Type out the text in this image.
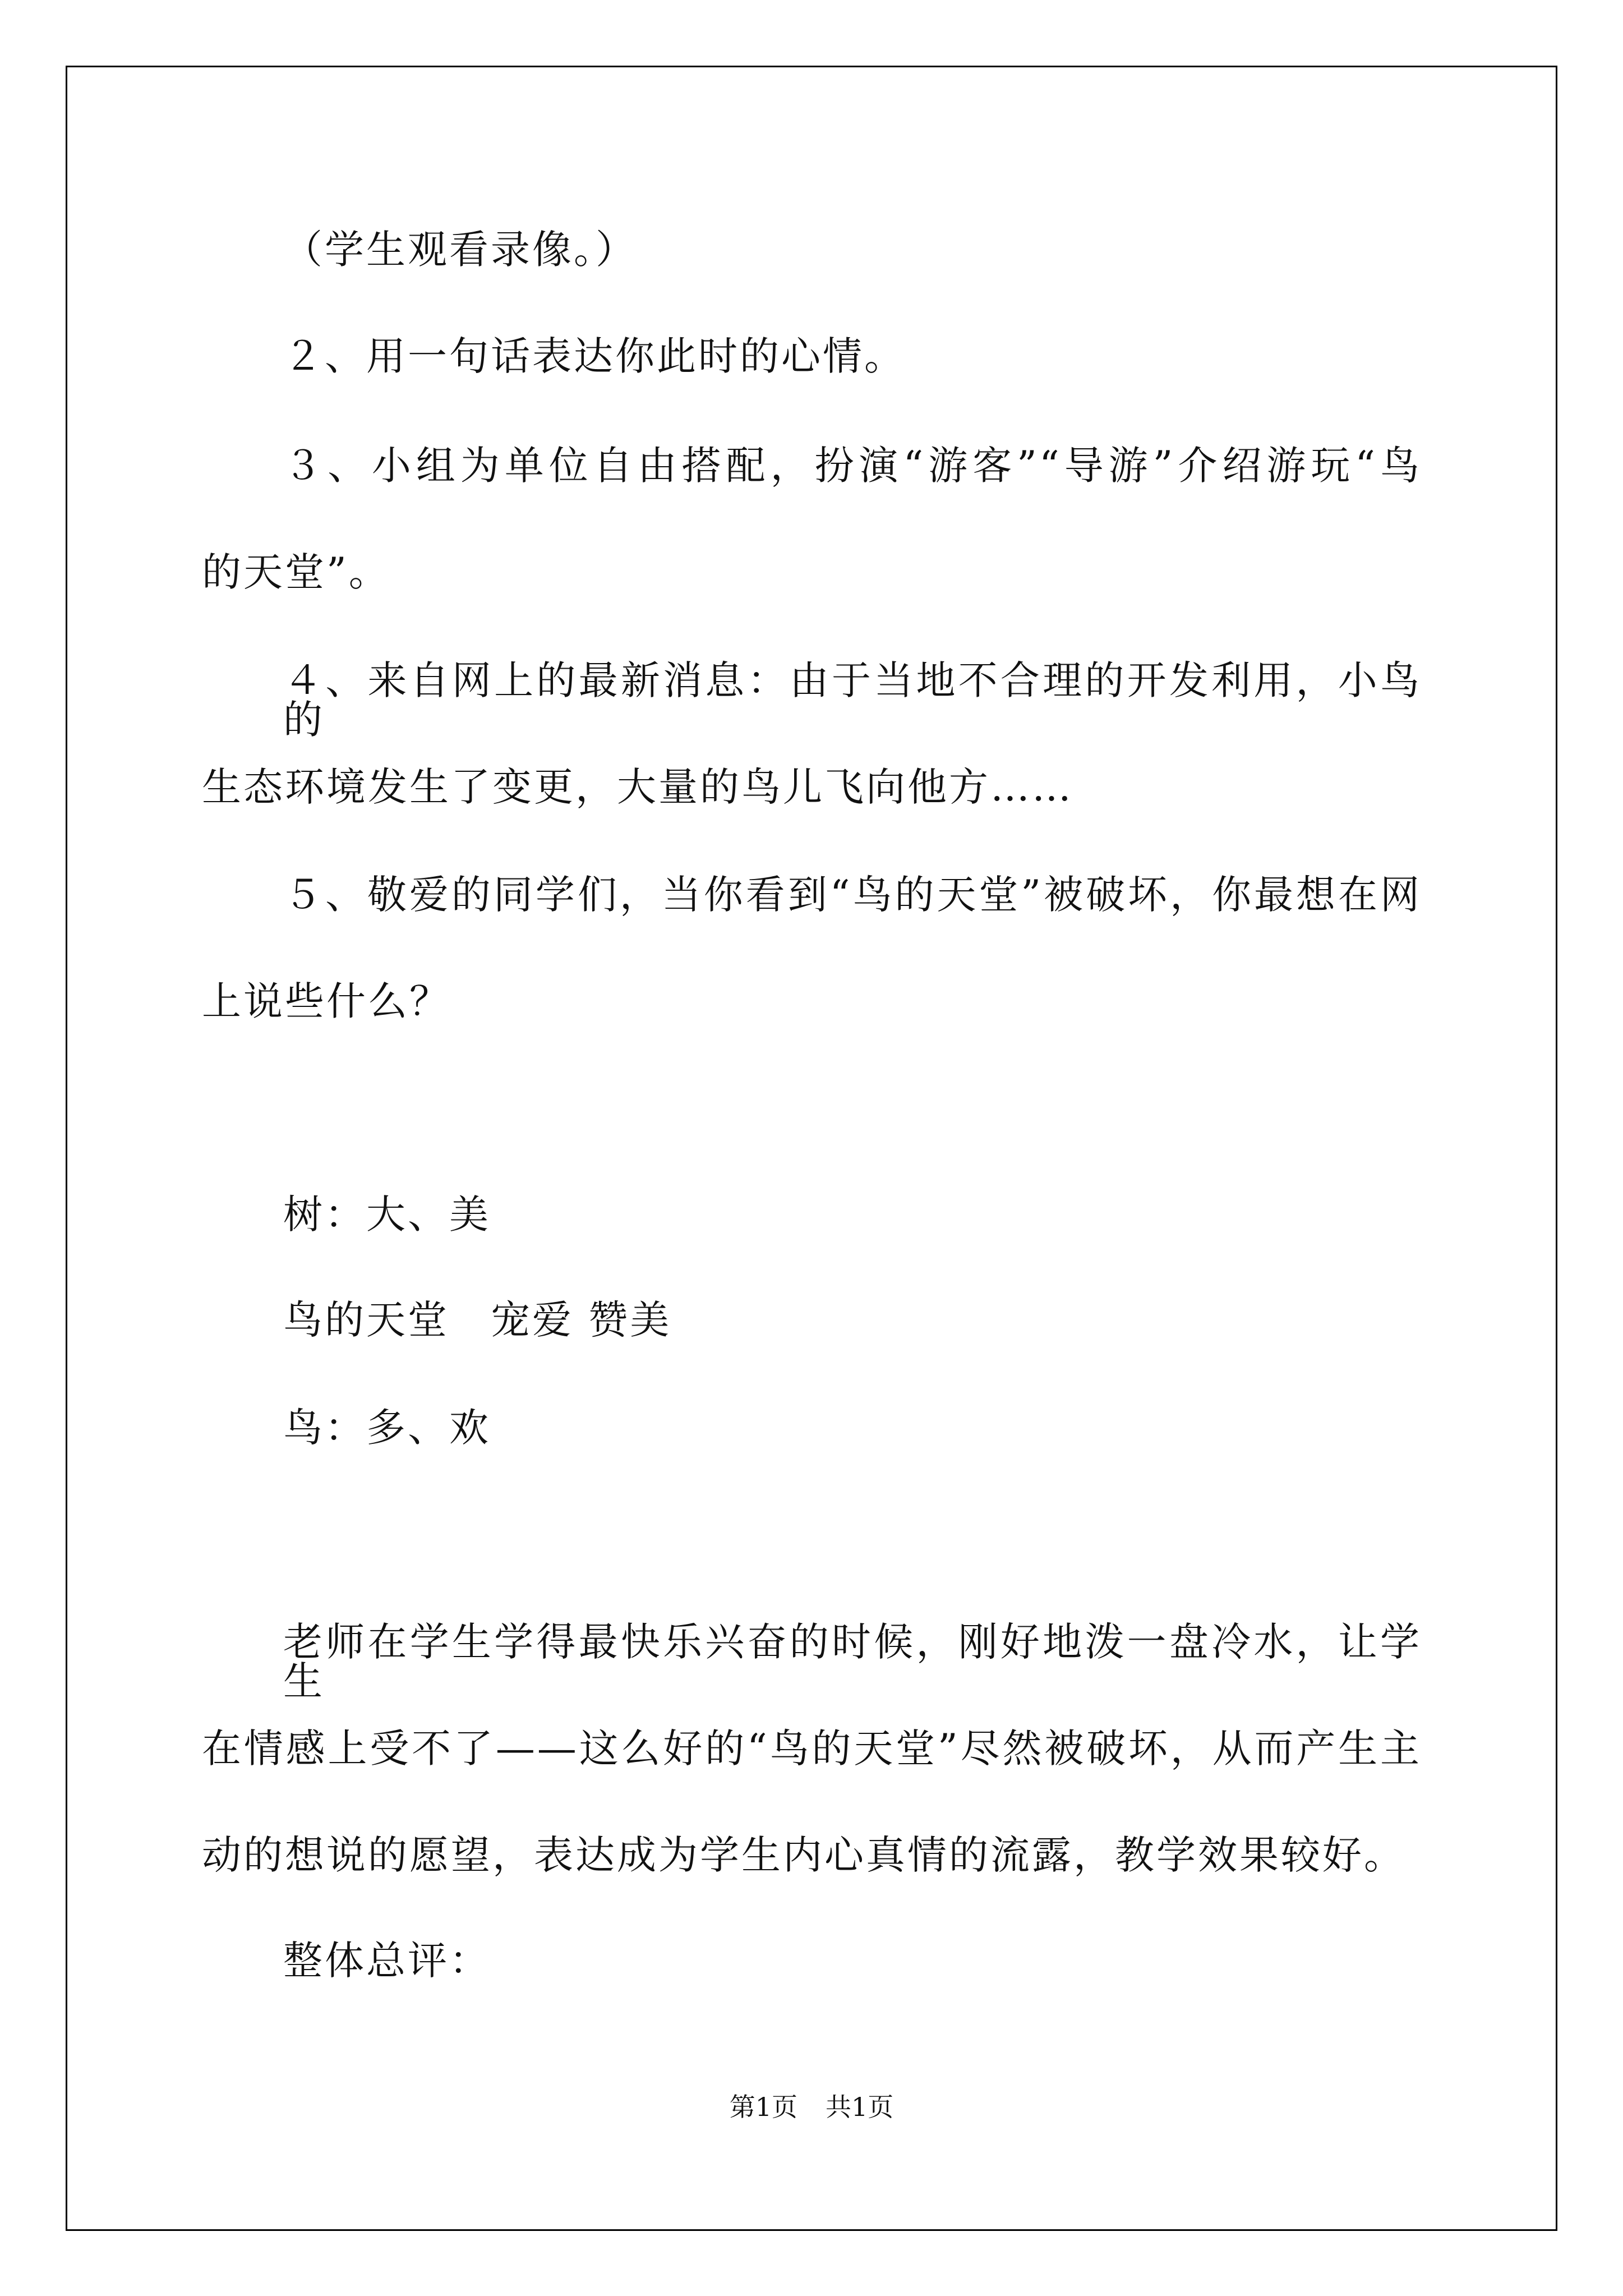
（学生观看录像。）
２、用一句话表达你此时的心情。
３、小组为单位自由搭配，扮演“游客”“导游”介绍游玩“鸟
的天堂”。
４、来自网上的最新消息：由于当地不合理的开发利用，小鸟的
生态环境发生了变更，大量的鸟儿飞向他方……
５、敬爱的同学们，当你看到“鸟的天堂”被破坏，你最想在网
上说些什么？
树：大、美
鸟的天堂　宠爱 赞美
鸟：多、欢
老师在学生学得最快乐兴奋的时候，刚好地泼一盘冷水，让学生
在情感上受不了——这么好的“鸟的天堂”尽然被破坏，从而产生主
动的想说的愿望，表达成为学生内心真情的流露，教学效果较好。
整体总评：
第1页 共1页
